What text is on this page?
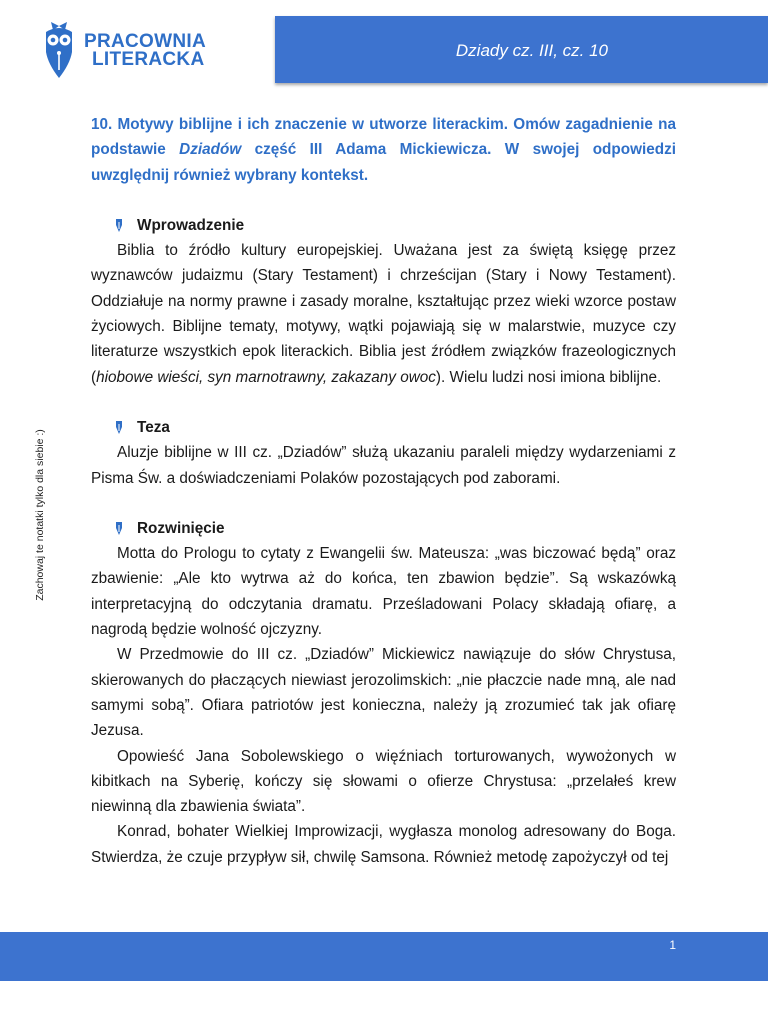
PRACOWNIA
LITERACKA	Dziady cz. III, cz. 10
Zachowaj te notatki tylko dla siebie :)
10. Motywy biblijne i ich znaczenie w utworze literackim. Omów zagadnienie na podstawie Dziadów część III Adama Mickiewicza. W swojej odpowiedzi uwzględnij również wybrany kontekst.
Wprowadzenie
Biblia to źródło kultury europejskiej. Uważana jest za świętą księgę przez wyznawców judaizmu (Stary Testament) i chrześcijan (Stary i Nowy Testament). Oddziałuje na normy prawne i zasady moralne, kształtując przez wieki wzorce postaw życiowych. Biblijne tematy, motywy, wątki pojawiają się w malarstwie, muzyce czy literaturze wszystkich epok literackich. Biblia jest źródłem związków frazeologicznych (hiobowe wieści, syn marnotrawny, zakazany owoc). Wielu ludzi nosi imiona biblijne.
Teza
Aluzje biblijne w III cz. „Dziadów” służą ukazaniu paraleli między wydarzeniami z Pisma Św. a doświadczeniami Polaków pozostających pod zaborami.
Rozwinięcie
Motta do Prologu to cytaty z Ewangelii św. Mateusza: „was biczować będą” oraz zbawienie: „Ale kto wytrwa aż do końca, ten zbawion będzie”. Są wskazówką interpretacyjną do odczytania dramatu. Prześladowani Polacy składają ofiarę, a nagrodą będzie wolność ojczyzny.
W Przedmowie do III cz. „Dziadów” Mickiewicz nawiązuje do słów Chrystusa, skierowanych do płaczących niewiast jerozolimskich: „nie płaczcie nade mną, ale nad samymi sobą”. Ofiara patriotów jest konieczna, należy ją zrozumieć tak jak ofiarę Jezusa.
Opowieść Jana Sobolewskiego o więźniach torturowanych, wywożonych w kibitkach na Syberię, kończy się słowami o ofierze Chrystusa: „przelałeś krew niewinną dla zbawienia świata”.
Konrad, bohater Wielkiej Improwizacji, wygłasza monolog adresowany do Boga. Stwierdza, że czuje przypływ sił, chwilę Samsona. Również metodę zapożyczył od tej
1
